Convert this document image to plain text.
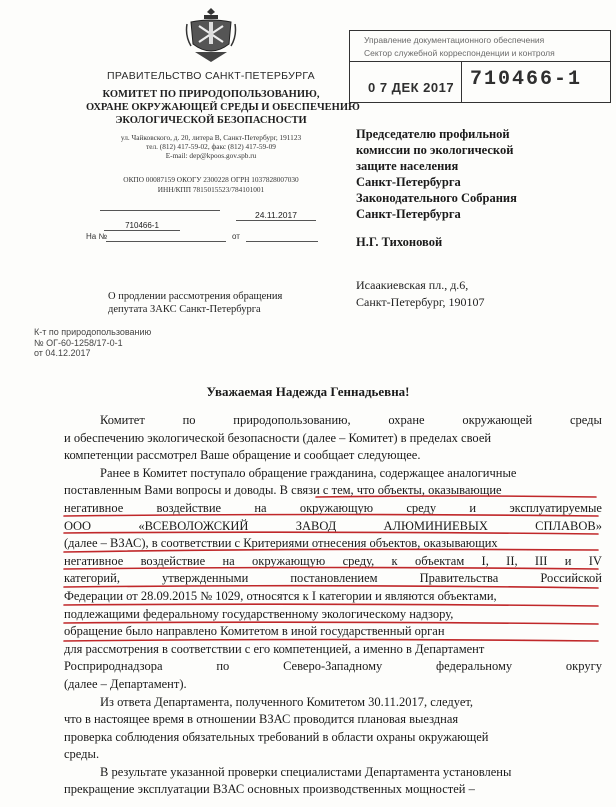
ПРАВИТЕЛЬСТВО САНКТ-ПЕТЕРБУРГА
КОМИТЕТ ПО ПРИРОДОПОЛЬЗОВАНИЮ,
ОХРАНЕ ОКРУЖАЮЩЕЙ СРЕДЫ И ОБЕСПЕЧЕНИЮ
ЭКОЛОГИЧЕСКОЙ БЕЗОПАСНОСТИ
ул. Чайковского, д. 20, литера В, Санкт-Петербург, 191123
тел. (812) 417-59-02, факс (812) 417-59-09
E-mail: dep@kpoos.gov.spb.ru
ОКПО 00087159 ОКОГУ 2300228 ОГРН 1037828007030
ИНН/КПП 7815015523/784101001
24.11.2017
710466-1
На №	от
О продлении рассмотрения обращения
депутата ЗАКС Санкт-Петербурга
Управление документационного обеспечения
Сектор служебной корреспонденции и контроля
0 7 ДЕК 2017 710466-1
Председателю профильной
комиссии по экологической
защите населения
Санкт-Петербурга
Законодательного Собрания
Санкт-Петербурга
Н.Г. Тихоновой
Исаакиевская пл., д.6,
Санкт-Петербург, 190107
К-т по природопользованию
№ ОГ-60-1258/17-0-1
от 04.12.2017
Уважаемая Надежда Геннадьевна!
Комитет	по	природопользованию,	охране	окружающей	среды
и обеспечению экологической безопасности (далее – Комитет) в пределах своей
компетенции рассмотрел Ваше обращение и сообщает следующее.
Ранее в Комитет поступало обращение гражданина, содержащее аналогичные
поставленным Вами вопросы и доводы. В связи с тем, что объекты, оказывающие
негативное	воздействие	на	окружающую	среду	и	эксплуатируемые
ООО	«ВСЕВОЛОЖСКИЙ	ЗАВОД	АЛЮМИНИЕВЫХ	СПЛАВОВ»
(далее – ВЗАС), в соответствии с Критериями отнесения объектов, оказывающих
негативное воздействие на окружающую среду, к объектам I, II, III и IV
категорий,	утвержденными	постановлением	Правительства	Российской
Федерации от 28.09.2015 № 1029, относятся к I категории и являются объектами,
подлежащими федеральному государственному экологическому надзору,
обращение было направлено Комитетом в иной государственный орган
для рассмотрения в соответствии с его компетенцией, а именно в Департамент
Росприроднадзора	по	Северо-Западному	федеральному	округу
(далее – Департамент).
Из ответа Департамента, полученного Комитетом 30.11.2017, следует,
что в настоящее время в отношении ВЗАС проводится плановая выездная
проверка соблюдения обязательных требований в области охраны окружающей
среды.
В результате указанной проверки специалистами Департамента установлены
прекращение эксплуатации ВЗАС основных производственных мощностей –
